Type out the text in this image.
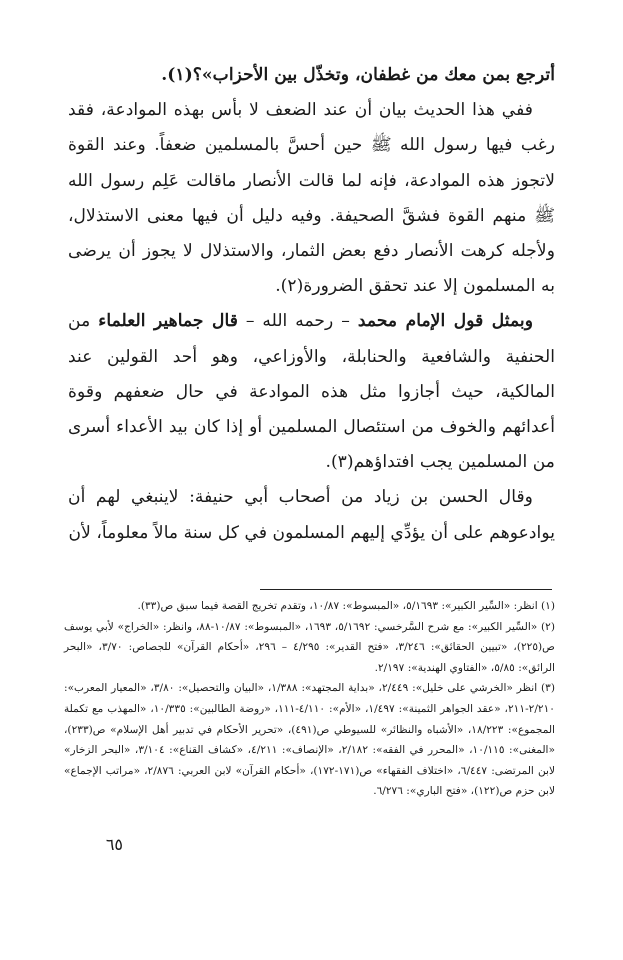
أترجع بمن معك من غطفان، وتخذّل بين الأحزاب»؟(١).

ففي هذا الحديث بيان أن عند الضعف لا بأس بهذه الموادعة، فقد رغب فيها رسول الله ﷺ حين أحسَّ بالمسلمين ضعفاً. وعند القوة لاتجوز هذه الموادعة، فإنه لما قالت الأنصار ماقالت عَلِم رسول الله ﷺ منهم القوة فشقَّ الصحيفة. وفيه دليل أن فيها معنى الاستذلال، ولأجله كرهت الأنصار دفع بعض الثمار، والاستذلال لا يجوز أن يرضى به المسلمون إلا عند تحقق الضرورة(٢).

وبمثل قول الإمام محمد – رحمه الله – قال جماهير العلماء من الحنفية والشافعية والحنابلة، والأوزاعي، وهو أحد القولين عند المالكية، حيث أجازوا مثل هذه الموادعة في حال ضعفهم وقوة أعدائهم والخوف من استئصال المسلمين أو إذا كان بيد الأعداء أسرى من المسلمين يجب افتداؤهم(٣).

وقال الحسن بن زياد من أصحاب أبي حنيفة: لاينبغي لهم أن يوادعوهم على أن يؤدِّي إليهم المسلمون في كل سنة مالاً معلوماً، لأن

(١) انظر: «السِّير الكبير»: ٥/١٦٩٣، «المبسوط»: ١٠/٨٧، وتقدم تخريج القصة فيما سبق ص(٣٣).

(٢) «السِّير الكبير»: مع شرح السَّرخسي: ٥/١٦٩٢، ١٦٩٣، «المبسوط»: ١٠/٨٧-٨٨، وانظر: «الخراج» لأبي يوسف ص(٢٢٥)، «تبيين الحقائق»: ٣/٢٤٦، «فتح القدير»: ٤/٢٩٥ – ٢٩٦، «أحكام القرآن» للجصاص: ٣/٧٠، «البحر الرائق»: ٥/٨٥، «الفتاوي الهندية»: ٢/١٩٧.

(٣) انظر «الخرشي على خليل»: ٢/٤٤٩، «بداية المجتهد»: ١/٣٨٨، «البيان والتحصيل»: ٣/٨٠، «المعيار المعرب»: ٢/٢١٠-٢١١، «عقد الجواهر الثمينة»: ١/٤٩٧، «الأم»: ٤/١١٠-١١١، «روضة الطالبين»: ١٠/٣٣٥، «المهذب مع تكملة المجموع»: ١٨/٢٢٣، «الأشباه والنظائر» للسيوطي ص(٤٩١)، «تحرير الأحكام في تدبير أهل الإسلام» ص(٢٣٣)، «المغنى»: ١٠/١١٥، «المحرر في الفقه»: ٢/١٨٢، «الإنصاف»: ٤/٢١١، «كشاف القناع»: ٣/١٠٤، «البحر الزخار» لابن المرتضى: ٦/٤٤٧، «اختلاف الفقهاء» ص(١٧١-١٧٢)، «أحكام القرآن» لابن العربي: ٢/٨٧٦، «مراتب الإجماع» لابن حزم ص(١٢٢)، «فتح الباري»: ٦/٢٧٦.

٦٥
